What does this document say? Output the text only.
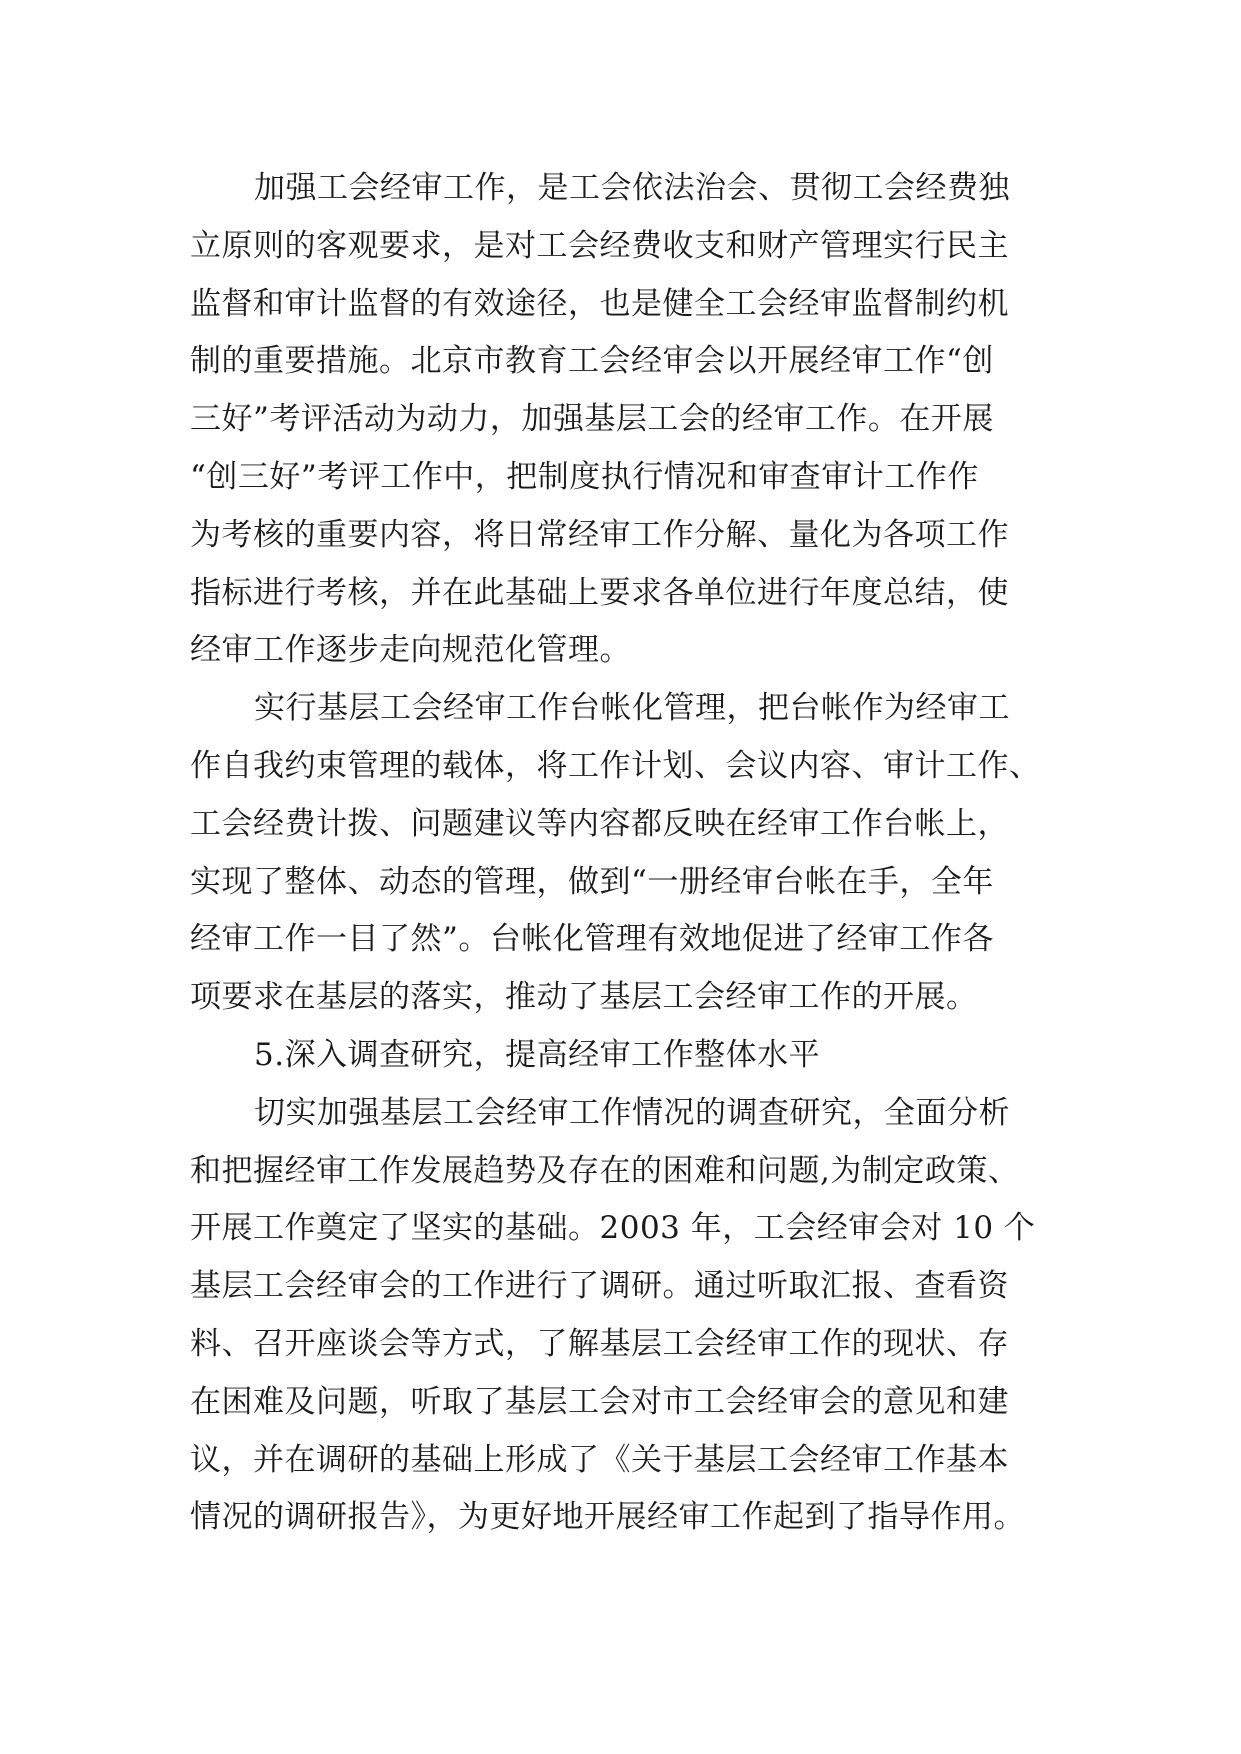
加强工会经审工作，是工会依法治会、贯彻工会经费独
立原则的客观要求，是对工会经费收支和财产管理实行民主
监督和审计监督的有效途径，也是健全工会经审监督制约机
制的重要措施。北京市教育工会经审会以开展经审工作“创
三好”考评活动为动力，加强基层工会的经审工作。在开展
“创三好”考评工作中，把制度执行情况和审查审计工作作
为考核的重要内容，将日常经审工作分解、量化为各项工作
指标进行考核，并在此基础上要求各单位进行年度总结，使
经审工作逐步走向规范化管理。
实行基层工会经审工作台帐化管理，把台帐作为经审工
作自我约束管理的载体，将工作计划、会议内容、审计工作、
工会经费计拨、问题建议等内容都反映在经审工作台帐上，
实现了整体、动态的管理，做到“一册经审台帐在手，全年
经审工作一目了然”。台帐化管理有效地促进了经审工作各
项要求在基层的落实，推动了基层工会经审工作的开展。
5.深入调查研究，提高经审工作整体水平
切实加强基层工会经审工作情况的调查研究，全面分析
和把握经审工作发展趋势及存在的困难和问题,为制定政策、
开展工作奠定了坚实的基础。2003 年，工会经审会对 10 个
基层工会经审会的工作进行了调研。通过听取汇报、查看资
料、召开座谈会等方式，了解基层工会经审工作的现状、存
在困难及问题，听取了基层工会对市工会经审会的意见和建
议，并在调研的基础上形成了《关于基层工会经审工作基本
情况的调研报告》，为更好地开展经审工作起到了指导作用。
